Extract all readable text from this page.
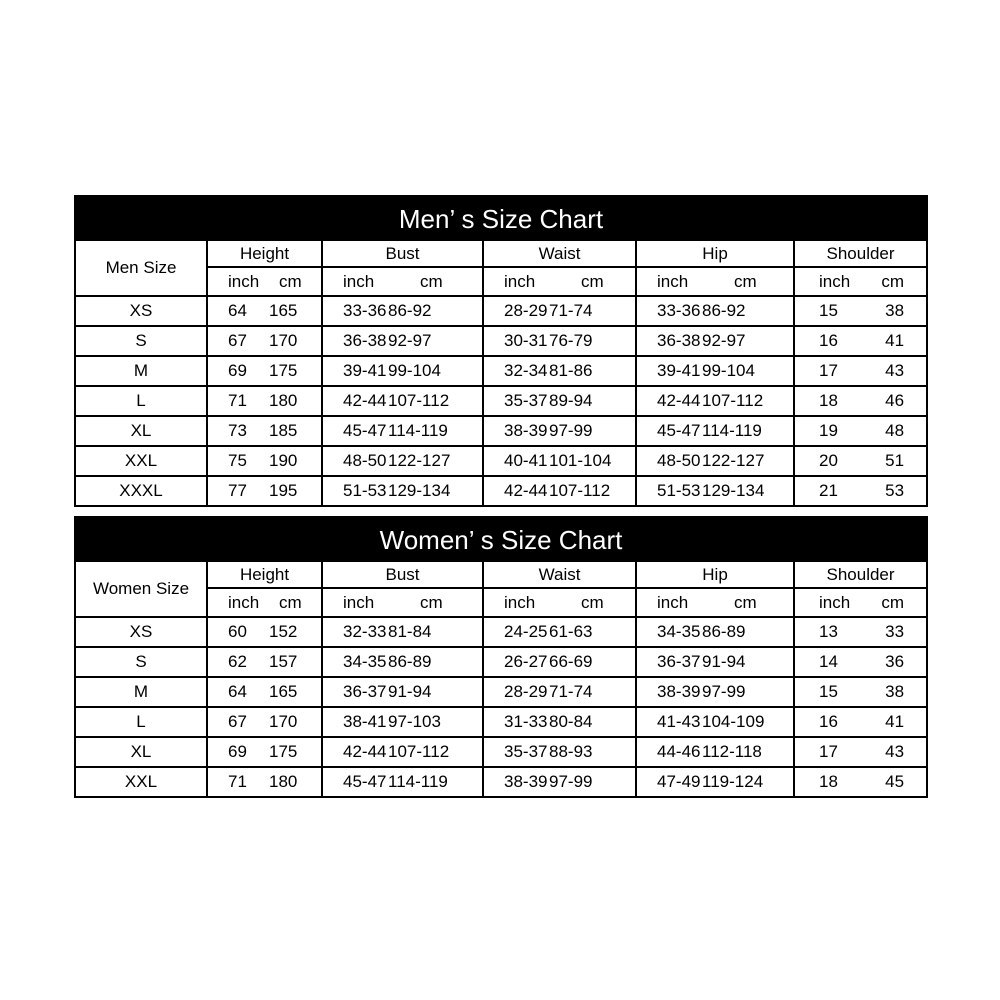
Men’ s Size Chart
Men Size	Height		Bust		Waist		Hip		Shoulder	
	inch	cm	inch	cm	inch	cm	inch	cm	inch	cm
XS	64	165	33-36	86-92	28-29	71-74	33-36	86-92	15	38
S	67	170	36-38	92-97	30-31	76-79	36-38	92-97	16	41
M	69	175	39-41	99-104	32-34	81-86	39-41	99-104	17	43
L	71	180	42-44	107-112	35-37	89-94	42-44	107-112	18	46
XL	73	185	45-47	114-119	38-39	97-99	45-47	114-119	19	48
XXL	75	190	48-50	122-127	40-41	101-104	48-50	122-127	20	51
XXXL	77	195	51-53	129-134	42-44	107-112	51-53	129-134	21	53
Women’ s Size Chart
Women Size	Height		Bust		Waist		Hip		Shoulder	
	inch	cm	inch	cm	inch	cm	inch	cm	inch	cm
XS	60	152	32-33	81-84	24-25	61-63	34-35	86-89	13	33
S	62	157	34-35	86-89	26-27	66-69	36-37	91-94	14	36
M	64	165	36-37	91-94	28-29	71-74	38-39	97-99	15	38
L	67	170	38-41	97-103	31-33	80-84	41-43	104-109	16	41
XL	69	175	42-44	107-112	35-37	88-93	44-46	112-118	17	43
XXL	71	180	45-47	114-119	38-39	97-99	47-49	119-124	18	45
